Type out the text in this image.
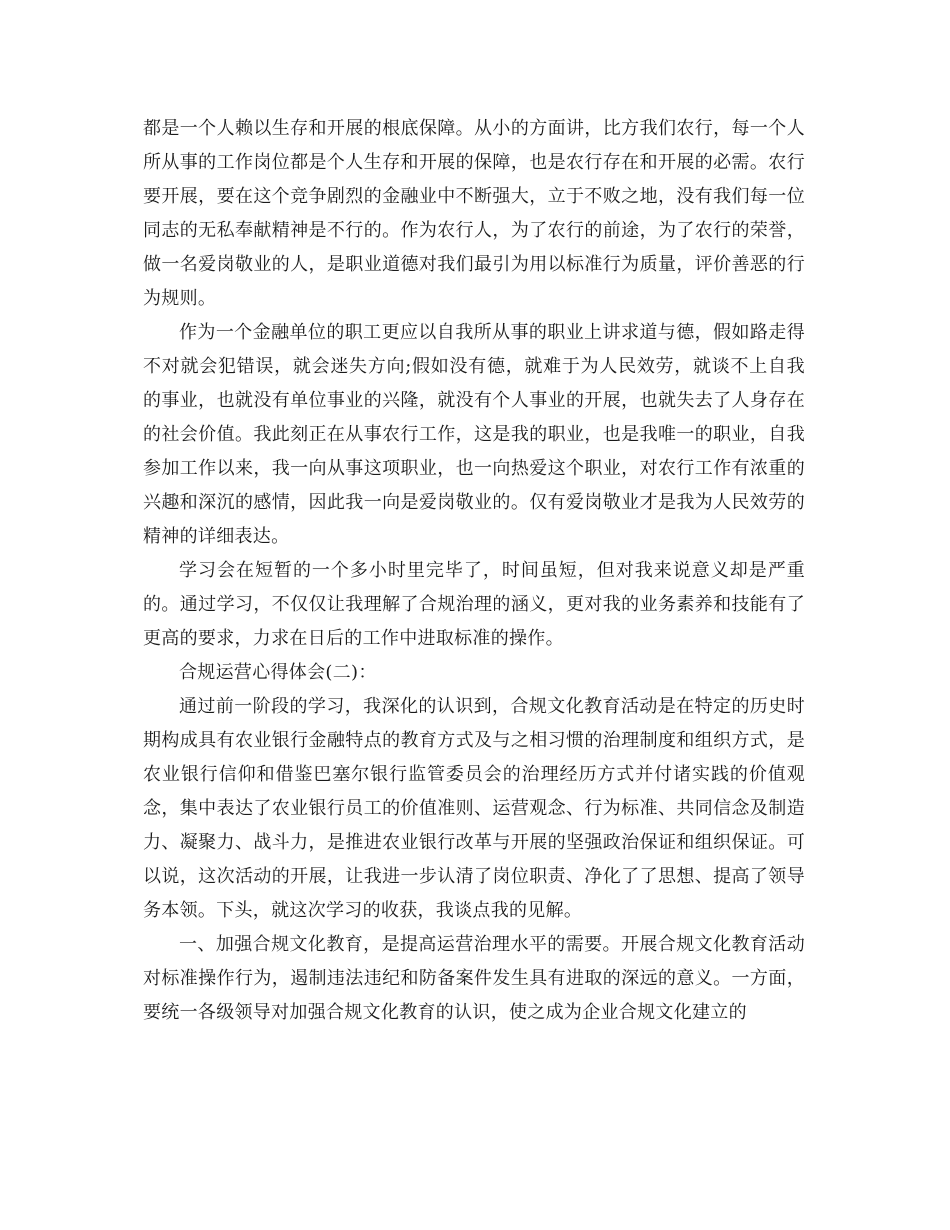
都是一个人赖以生存和开展的根底保障。从小的方面讲，比方我们农行，每一个人所从事的工作岗位都是个人生存和开展的保障，也是农行存在和开展的必需。农行要开展，要在这个竞争剧烈的金融业中不断强大，立于不败之地，没有我们每一位同志的无私奉献精神是不行的。作为农行人，为了农行的前途，为了农行的荣誉，做一名爱岗敬业的人，是职业道德对我们最引为用以标准行为质量，评价善恶的行为规则。

作为一个金融单位的职工更应以自我所从事的职业上讲求道与德，假如路走得不对就会犯错误，就会迷失方向;假如没有德，就难于为人民效劳，就谈不上自我的事业，也就没有单位事业的兴隆，就没有个人事业的开展，也就失去了人身存在的社会价值。我此刻正在从事农行工作，这是我的职业，也是我唯一的职业，自我参加工作以来，我一向从事这项职业，也一向热爱这个职业，对农行工作有浓重的兴趣和深沉的感情，因此我一向是爱岗敬业的。仅有爱岗敬业才是我为人民效劳的精神的详细表达。

学习会在短暂的一个多小时里完毕了，时间虽短，但对我来说意义却是严重的。通过学习，不仅仅让我理解了合规治理的涵义，更对我的业务素养和技能有了更高的要求，力求在日后的工作中进取标准的操作。

合规运营心得体会(二)：

通过前一阶段的学习，我深化的认识到，合规文化教育活动是在特定的历史时期构成具有农业银行金融特点的教育方式及与之相习惯的治理制度和组织方式，是农业银行信仰和借鉴巴塞尔银行监管委员会的治理经历方式并付诸实践的价值观念，集中表达了农业银行员工的价值准则、运营观念、行为标准、共同信念及制造力、凝聚力、战斗力，是推进农业银行改革与开展的坚强政治保证和组织保证。可以说，这次活动的开展，让我进一步认清了岗位职责、净化了了思想、提高了领导务本领。下头，就这次学习的收获，我谈点我的见解。

一、加强合规文化教育，是提高运营治理水平的需要。开展合规文化教育活动对标准操作行为，遏制违法违纪和防备案件发生具有进取的深远的意义。一方面，要统一各级领导对加强合规文化教育的认识，使之成为企业合规文化建立的
